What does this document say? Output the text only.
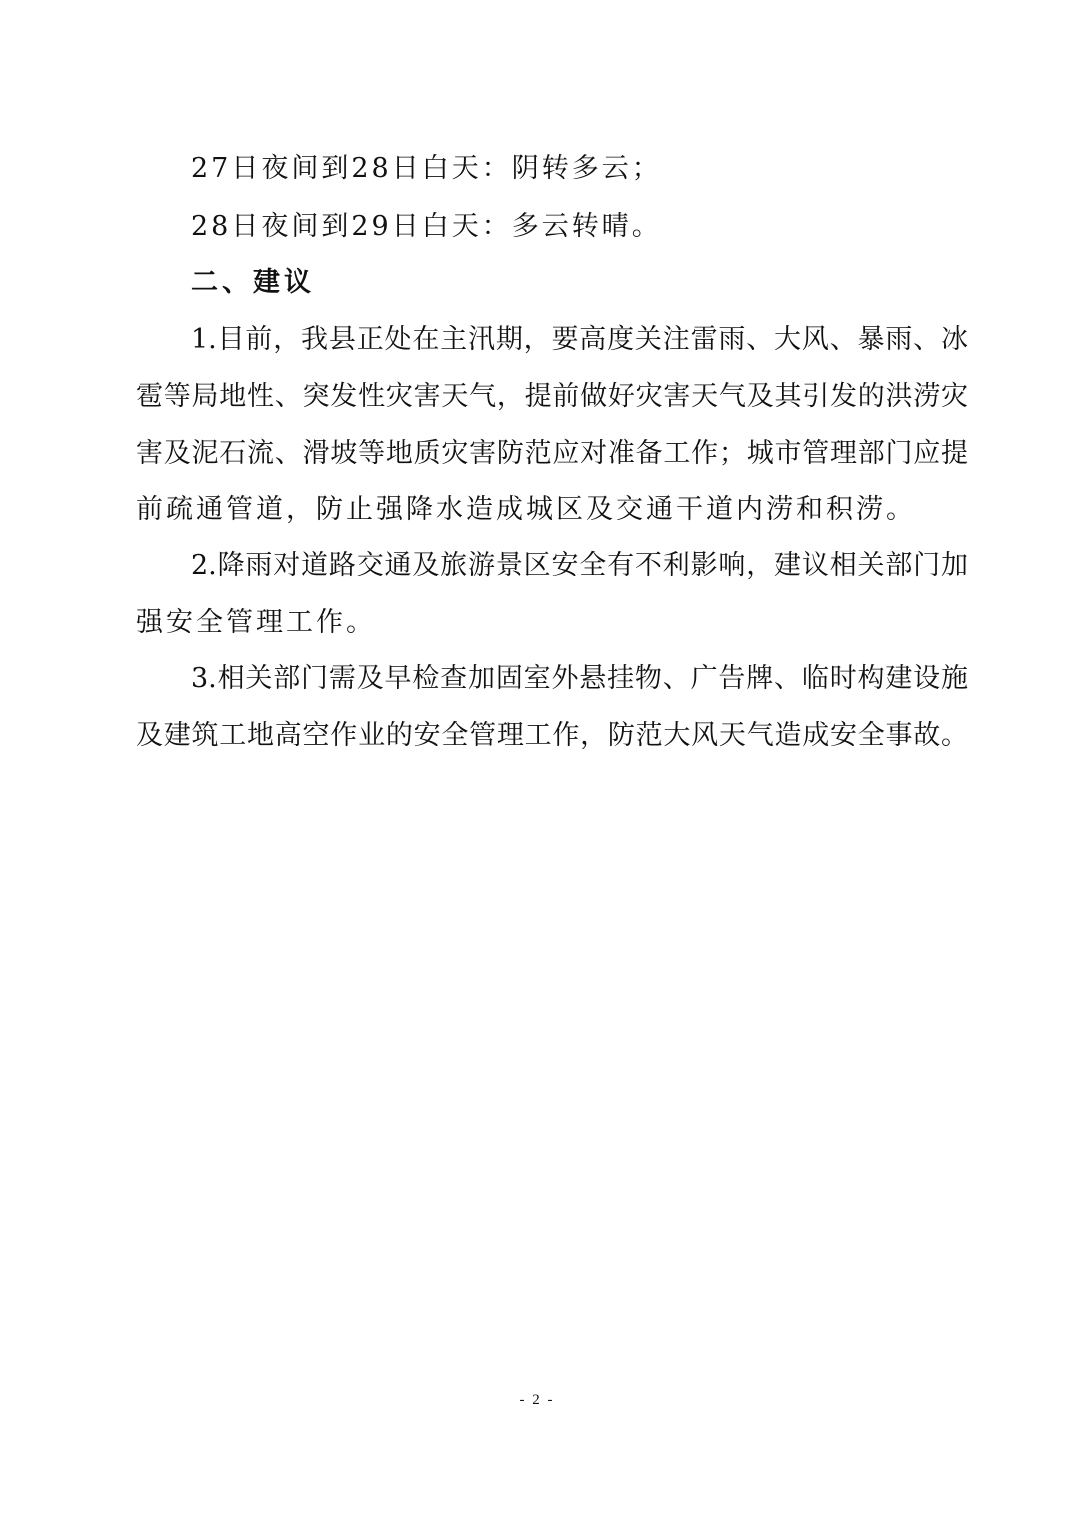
27日夜间到28日白天：阴转多云；
28日夜间到29日白天：多云转晴。
二、建议
1.目前，我县正处在主汛期，要高度关注雷雨、大风、暴雨、冰
雹等局地性、突发性灾害天气，提前做好灾害天气及其引发的洪涝灾
害及泥石流、滑坡等地质灾害防范应对准备工作；城市管理部门应提
前疏通管道，防止强降水造成城区及交通干道内涝和积涝。
2.降雨对道路交通及旅游景区安全有不利影响，建议相关部门加
强安全管理工作。
3.相关部门需及早检查加固室外悬挂物、广告牌、临时构建设施
及建筑工地高空作业的安全管理工作，防范大风天气造成安全事故。
- 2 -
